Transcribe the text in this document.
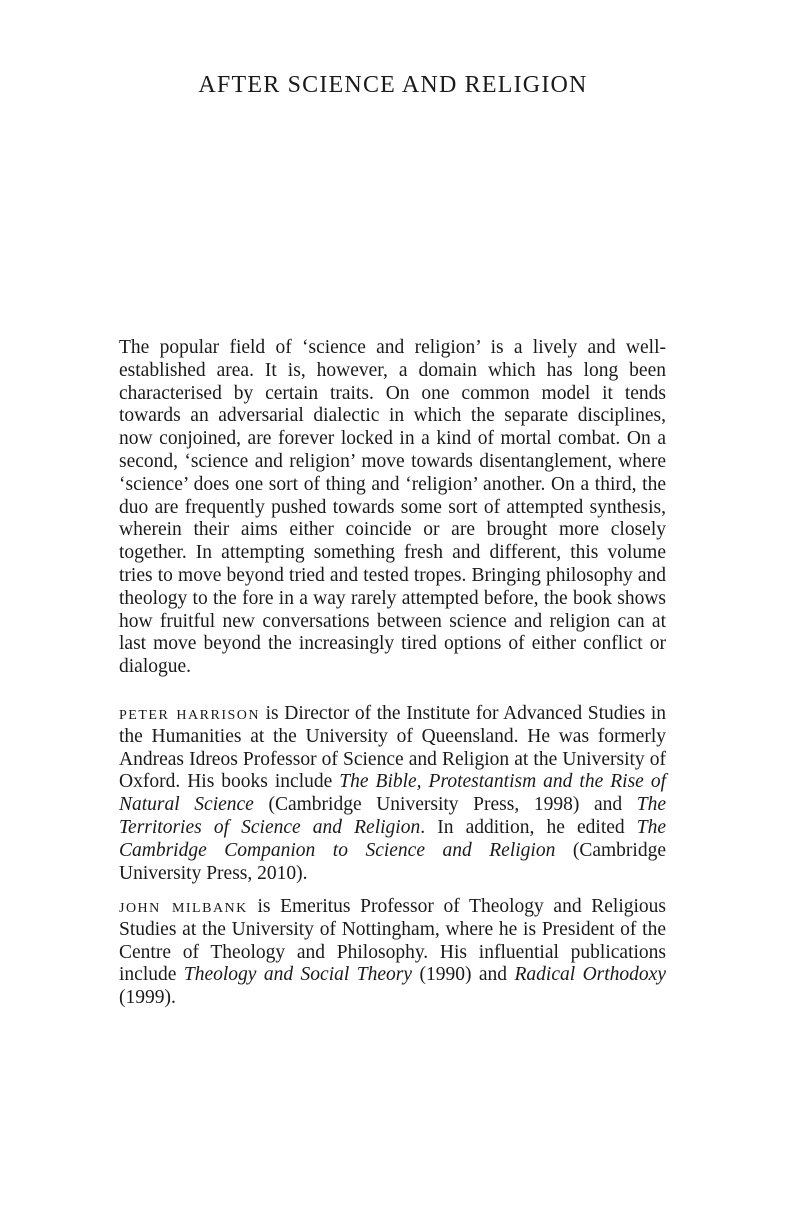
AFTER SCIENCE AND RELIGION

The popular field of ‘science and religion’ is a lively and well-established area. It is, however, a domain which has long been characterised by certain traits. On one common model it tends towards an adversarial dialectic in which the separate disciplines, now conjoined, are forever locked in a kind of mortal combat. On a second, ‘science and religion’ move towards disentanglement, where ‘science’ does one sort of thing and ‘religion’ another. On a third, the duo are frequently pushed towards some sort of attempted synthesis, wherein their aims either coincide or are brought more closely together. In attempting something fresh and different, this volume tries to move beyond tried and tested tropes. Bringing philosophy and theology to the fore in a way rarely attempted before, the book shows how fruitful new conversations between science and religion can at last move beyond the increasingly tired options of either conflict or dialogue.

peter harrison is Director of the Institute for Advanced Studies in the Humanities at the University of Queensland. He was formerly Andreas Idreos Professor of Science and Religion at the University of Oxford. His books include The Bible, Protestantism and the Rise of Natural Science (Cambridge University Press, 1998) and The Territories of Science and Religion. In addition, he edited The Cambridge Companion to Science and Religion (Cambridge University Press, 2010).

john milbank is Emeritus Professor of Theology and Religious Studies at the University of Nottingham, where he is President of the Centre of Theology and Philosophy. His influential publications include Theology and Social Theory (1990) and Radical Orthodoxy (1999).
